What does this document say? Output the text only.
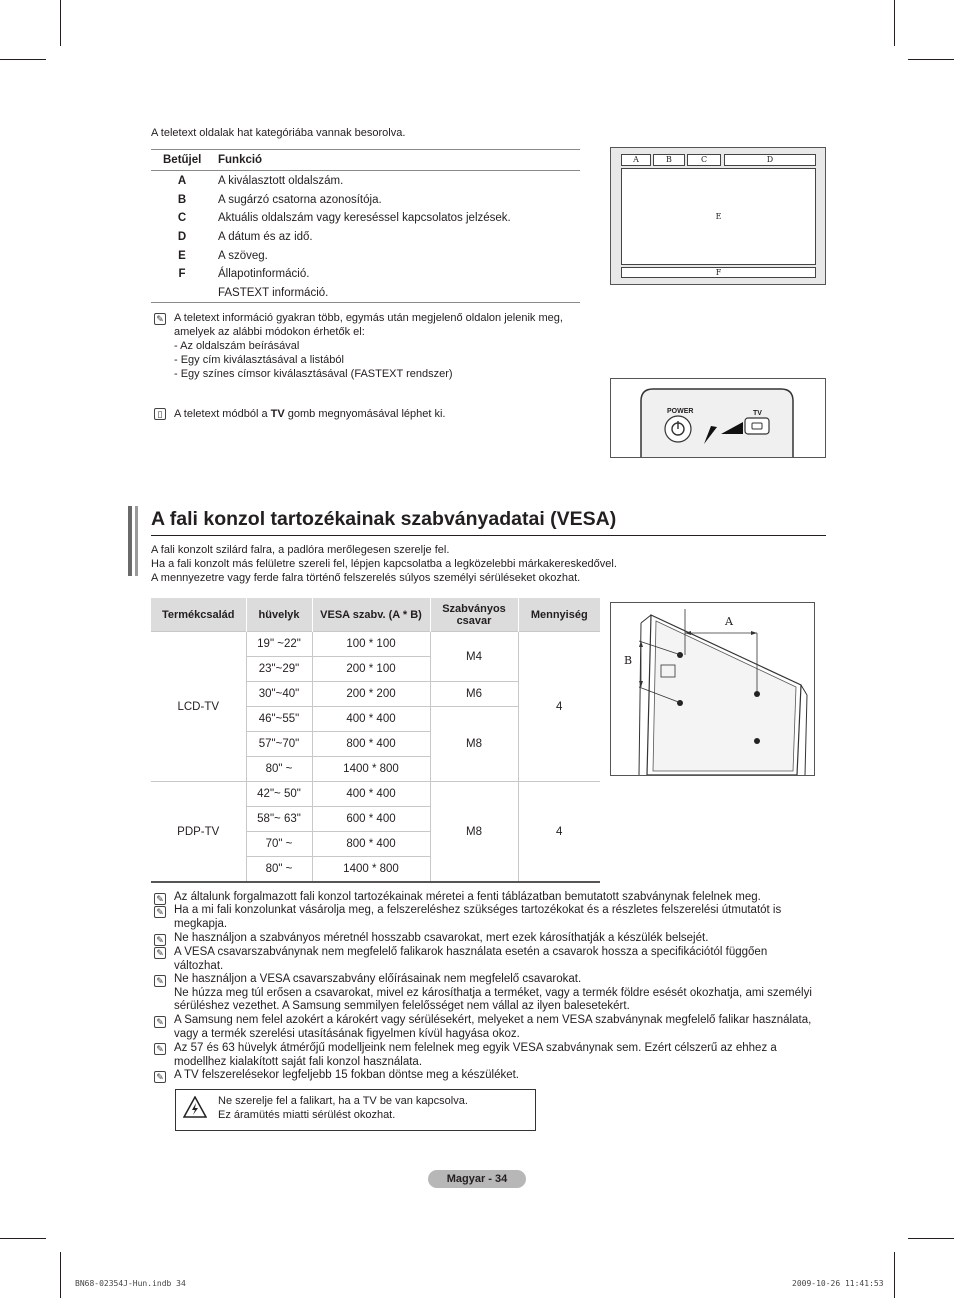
A teletext oldalak hat kategóriába vannak besorolva.
Betűjel Funkció
A	A kiválasztott oldalszám.
B	A sugárzó csatorna azonosítója.
C	Aktuális oldalszám vagy kereséssel kapcsolatos jelzések.
D	A dátum és az idő.
E	A szöveg.
F	Állapotinformáció.
FASTEXT információ.
A	B	C	D
E
F
✎ A teletext információ gyakran több, egymás után megjelenő oldalon jelenik meg,
amelyek az alábbi módokon érhetők el:
- Az oldalszám beírásával
- Egy cím kiválasztásával a listából
- Egy színes címsor kiválasztásával (FASTEXT rendszer)
▯	A teletext módból a TV gomb megnyomásával léphet ki.	POWER	TV
A fali konzol tartozékainak szabványadatai (VESA)
A fali konzolt szilárd falra, a padlóra merőlegesen szerelje fel.
Ha a fali konzolt más felületre szereli fel, lépjen kapcsolatba a legközelebbi márkakereskedővel.
A mennyezetre vagy ferde falra történő felszerelés súlyos személyi sérüléseket okozhat.
Termékcsalád	hüvelyk	VESA szabv. (A * B)	Szabványos csavar	Mennyiség
LCD-TV	19" ~22"	100 * 100	M4	4
	23"~29"	200 * 100		
	30"~40"	200 * 200	M6	
	46"~55"	400 * 400	M8	
	57"~70"	800 * 400		
	80" ~	1400 * 800		
PDP-TV	42"~ 50"	400 * 400	M8	4
	58"~ 63"	600 * 400		
	70" ~	800 * 400		
	80" ~	1400 * 800		
A
B
✎ Az általunk forgalmazott fali konzol tartozékainak méretei a fenti táblázatban bemutatott szabványnak felelnek meg.
✎ Ha a mi fali konzolunkat vásárolja meg, a felszereléshez szükséges tartozékokat és a részletes felszerelési útmutatót is
megkapja.
✎ Ne használjon a szabványos méretnél hosszabb csavarokat, mert ezek károsíthatják a készülék belsejét.
✎ A VESA csavarszabványnak nem megfelelő falikarok használata esetén a csavarok hossza a specifikációtól függően
változhat.
✎ Ne használjon a VESA csavarszabvány előírásainak nem megfelelő csavarokat.
Ne húzza meg túl erősen a csavarokat, mivel ez károsíthatja a terméket, vagy a termék földre esését okozhatja, ami személyi
sérüléshez vezethet. A Samsung semmilyen felelősséget nem vállal az ilyen balesetekért.
✎ A Samsung nem felel azokért a károkért vagy sérülésekért, melyeket a nem VESA szabványnak megfelelő falikar használata,
vagy a termék szerelési utasításának figyelmen kívül hagyása okoz.
✎ Az 57 és 63 hüvelyk átmérőjű modelljeink nem felelnek meg egyik VESA szabványnak sem. Ezért célszerű az ehhez a
modellhez kialakított saját fali konzol használata.
✎ A TV felszerelésekor legfeljebb 15 fokban döntse meg a készüléket.
Ne szerelje fel a falikart, ha a TV be van kapcsolva.
Ez áramütés miatti sérülést okozhat.
Magyar - 34
BN68-02354J-Hun.indb 34	2009-10-26 11:41:53
